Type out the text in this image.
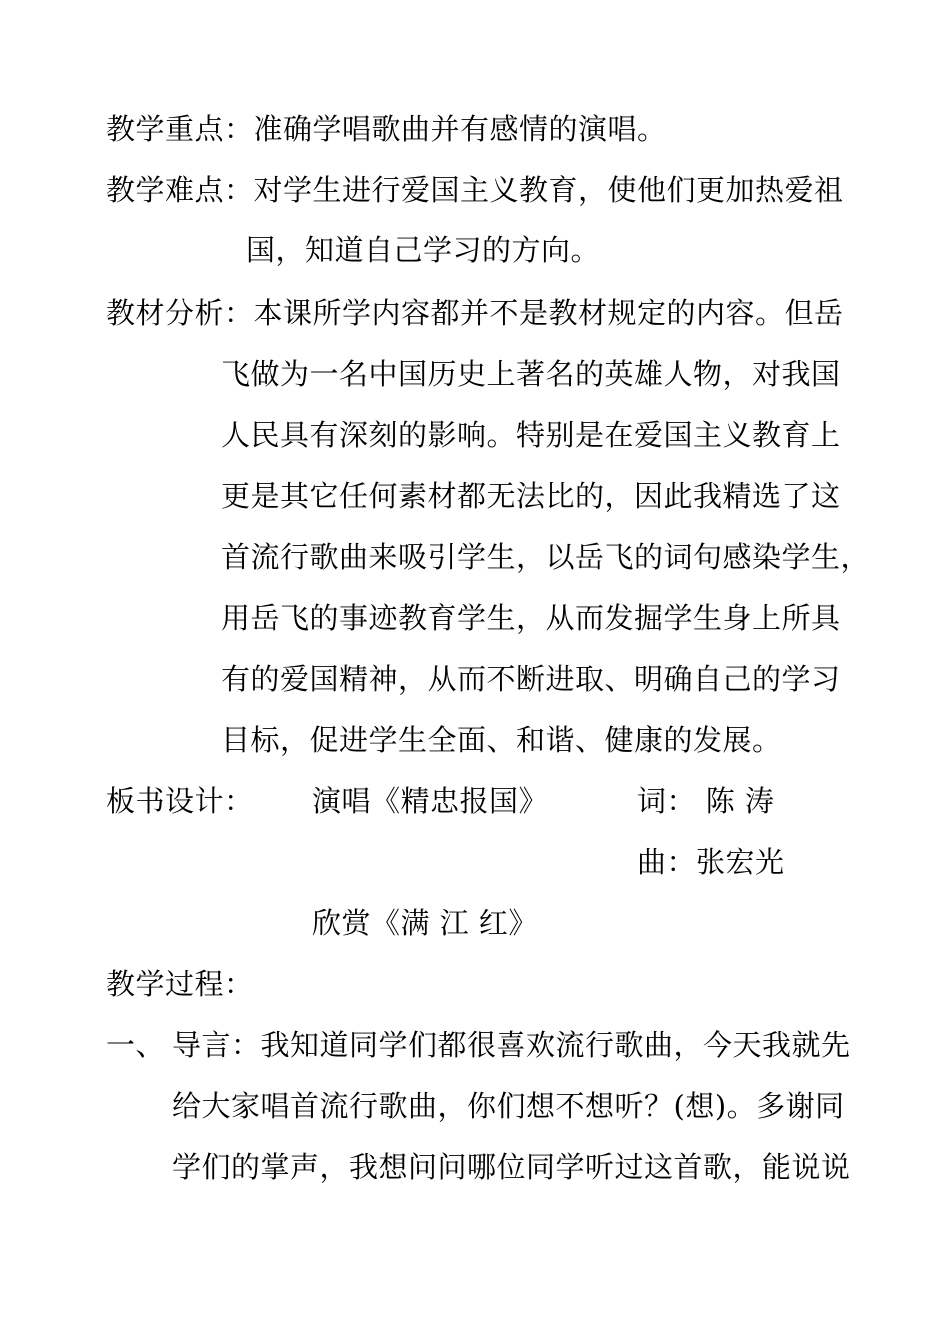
教学重点：准确学唱歌曲并有感情的演唱。
教学难点：对学生进行爱国主义教育，使他们更加热爱祖
国，知道自己学习的方向。
教材分析：本课所学内容都并不是教材规定的内容。但岳
飞做为一名中国历史上著名的英雄人物，对我国
人民具有深刻的影响。特别是在爱国主义教育上
更是其它任何素材都无法比的，因此我精选了这
首流行歌曲来吸引学生，以岳飞的词句感染学生，
用岳飞的事迹教育学生，从而发掘学生身上所具
有的爱国精神，从而不断进取、明确自己的学习
目标，促进学生全面、和谐、健康的发展。
板书设计： 演唱《精忠报国》	词： 陈 涛
曲：张宏光
欣赏《满 江 红》
教学过程：
一、 导言：我知道同学们都很喜欢流行歌曲，今天我就先
给大家唱首流行歌曲，你们想不想听？(想)。多谢同
学们的掌声，我想问问哪位同学听过这首歌，能说说
